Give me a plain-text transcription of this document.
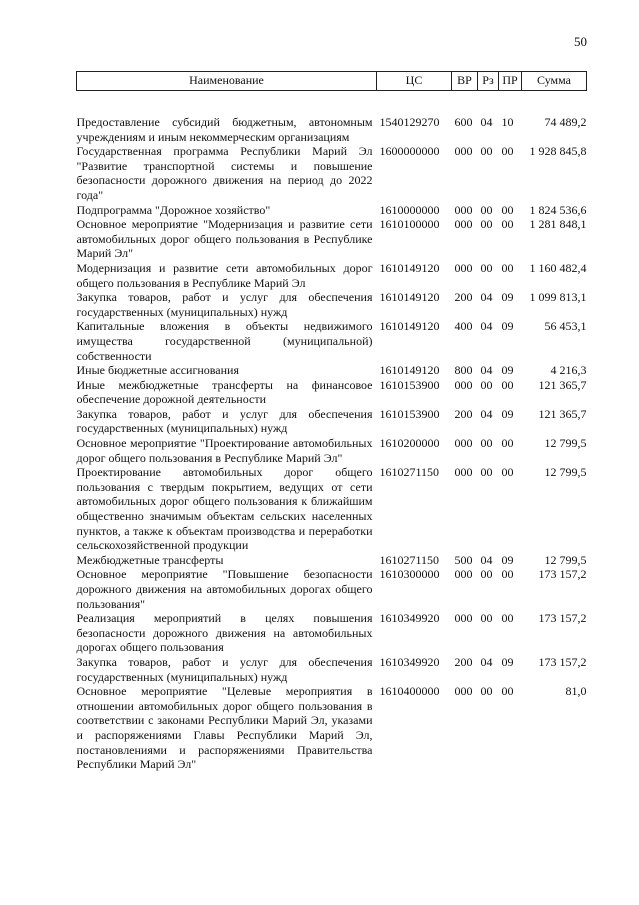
50
Наименование	ЦС	ВР	Рз	ПР	Сумма

Предоставление субсидий бюджетным, автономным учреждениям и иным некоммерческим организациям	1540129270	600	04	10	74 489,2
Государственная программа Республики Марий Эл "Развитие транспортной системы и повышение безопасности дорожного движения на период до 2022 года"	1600000000	000	00	00	1 928 845,8
Подпрограмма "Дорожное хозяйство"	1610000000	000	00	00	1 824 536,6
Основное мероприятие "Модернизация и развитие сети автомобильных дорог общего пользования в Республике Марий Эл"	1610100000	000	00	00	1 281 848,1
Модернизация и развитие сети автомобильных дорог общего пользования в Республике Марий Эл	1610149120	000	00	00	1 160 482,4
Закупка товаров, работ и услуг для обеспечения государственных (муниципальных) нужд	1610149120	200	04	09	1 099 813,1
Капитальные вложения в объекты недвижимого имущества государственной (муниципальной) собственности	1610149120	400	04	09	56 453,1
Иные бюджетные ассигнования	1610149120	800	04	09	4 216,3
Иные межбюджетные трансферты на финансовое обеспечение дорожной деятельности	1610153900	000	00	00	121 365,7
Закупка товаров, работ и услуг для обеспечения государственных (муниципальных) нужд	1610153900	200	04	09	121 365,7
Основное мероприятие "Проектирование автомобильных дорог общего пользования в Республике Марий Эл"	1610200000	000	00	00	12 799,5
Проектирование автомобильных дорог общего пользования с твердым покрытием, ведущих от сети автомобильных дорог общего пользования к ближайшим общественно значимым объектам сельских населенных пунктов, а также к объектам производства и переработки сельскохозяйственной продукции	1610271150	000	00	00	12 799,5
Межбюджетные трансферты	1610271150	500	04	09	12 799,5
Основное мероприятие "Повышение безопасности дорожного движения на автомобильных дорогах общего пользования"	1610300000	000	00	00	173 157,2
Реализация мероприятий в целях повышения безопасности дорожного движения на автомобильных дорогах общего пользования	1610349920	000	00	00	173 157,2
Закупка товаров, работ и услуг для обеспечения государственных (муниципальных) нужд	1610349920	200	04	09	173 157,2
Основное мероприятие "Целевые мероприятия в отношении автомобильных дорог общего пользования в соответствии с законами Республики Марий Эл, указами и распоряжениями Главы Республики Марий Эл, постановлениями и распоряжениями Правительства Республики Марий Эл"	1610400000	000	00	00	81,0
